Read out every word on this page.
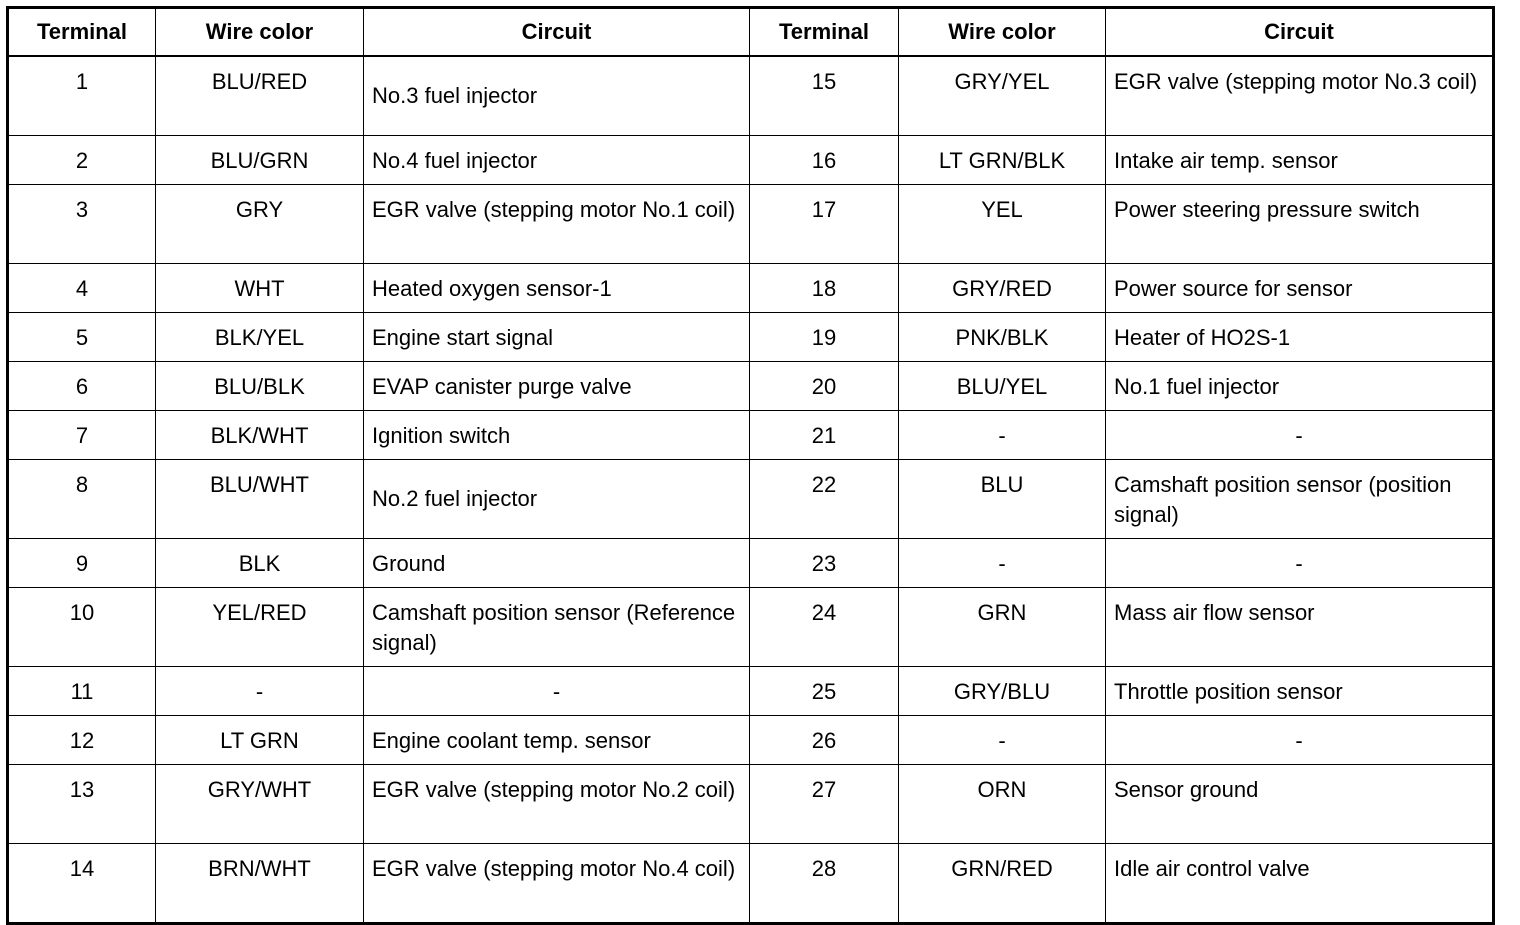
Terminal	Wire color	Circuit	Terminal	Wire color	Circuit
1	BLU/RED	No.3 fuel injector	15	GRY/YEL	EGR valve (stepping motor No.3 coil)
2	BLU/GRN	No.4 fuel injector	16	LT GRN/BLK	Intake air temp. sensor
3	GRY	EGR valve (stepping motor No.1 coil)	17	YEL	Power steering pressure switch
4	WHT	Heated oxygen sensor-1	18	GRY/RED	Power source for sensor
5	BLK/YEL	Engine start signal	19	PNK/BLK	Heater of HO2S-1
6	BLU/BLK	EVAP canister purge valve	20	BLU/YEL	No.1 fuel injector
7	BLK/WHT	Ignition switch	21	-	-
8	BLU/WHT	No.2 fuel injector	22	BLU	Camshaft position sensor (position signal)
9	BLK	Ground	23	-	-
10	YEL/RED	Camshaft position sensor (Reference signal)	24	GRN	Mass air flow sensor
11	-	-	25	GRY/BLU	Throttle position sensor
12	LT GRN	Engine coolant temp. sensor	26	-	-
13	GRY/WHT	EGR valve (stepping motor No.2 coil)	27	ORN	Sensor ground
14	BRN/WHT	EGR valve (stepping motor No.4 coil)	28	GRN/RED	Idle air control valve
